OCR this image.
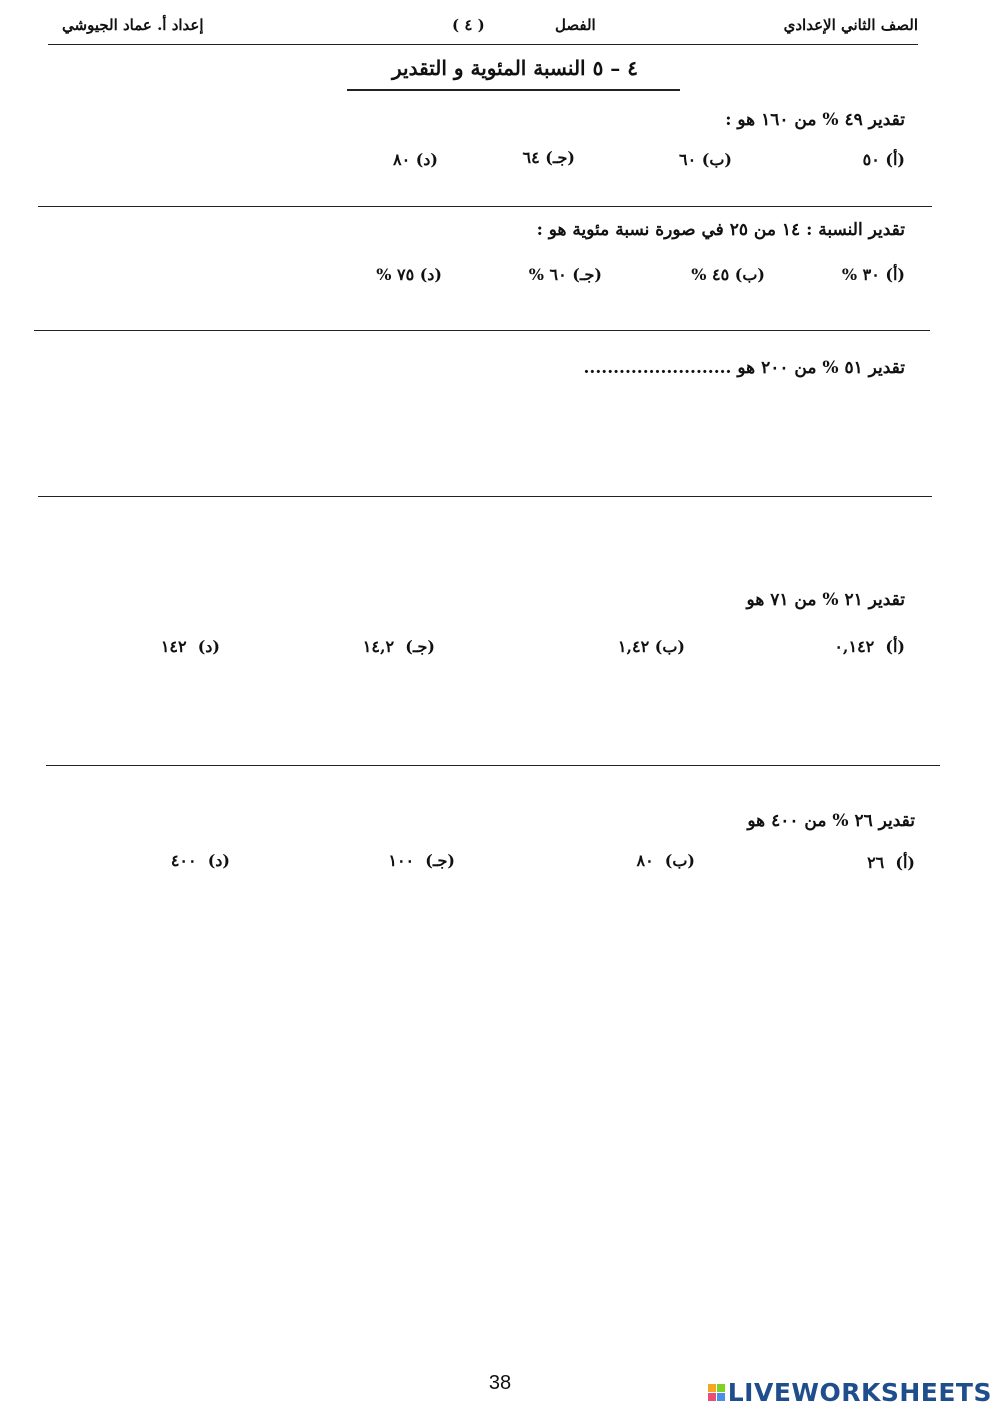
الصف الثاني الإعدادي
الفصل
( ٤ )
إعداد أ. عماد الجيوشي
٤ – ٥ النسبة المئوية و التقدير
تقدير ٤٩ % من ١٦٠ هو :
(أ) ٥٠
(ب) ٦٠
(جـ) ٦٤
(د) ٨٠
تقدير النسبة : ١٤ من ٢٥ في صورة نسبة مئوية هو :
(أ) ٣٠ %
(ب) ٤٥ %
(جـ) ٦٠ %
(د) ٧٥ %
تقدير ٥١ % من ٢٠٠ هو .........................
تقدير ٢١ % من ٧١ هو
(أ)  ٠,١٤٢
(ب) ١,٤٢
(جـ)  ١٤,٢
(د)  ١٤٢
تقدير ٢٦ % من ٤٠٠ هو
(أ)  ٢٦
(ب)  ٨٠
(جـ)  ١٠٠
(د)  ٤٠٠
38	LIVEWORKSHEETS
